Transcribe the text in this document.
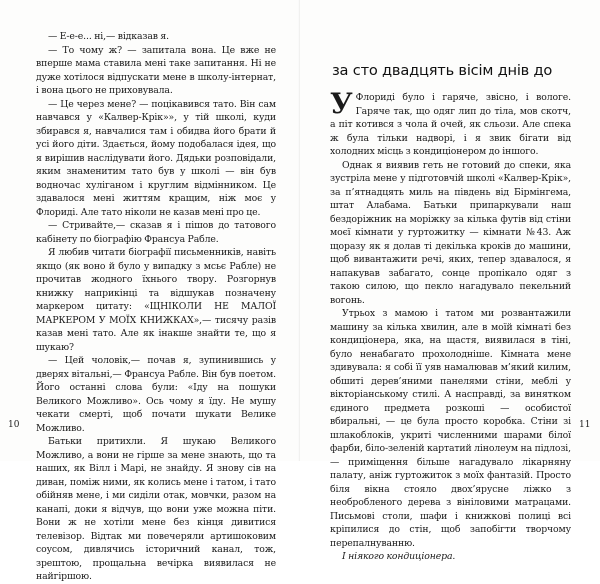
— Е-е-е... ні,— відказав я.

— То чому ж? — запитала вона. Це вже не вперше мама ставила мені таке запитання. Ні не дуже хотілося відпускати мене в школу-інтернат, і вона цього не приховувала.

— Це через мене? — поцікавився тато. Він сам навчався у «Калвер-Крік»», у тій школі, куди збирався я, навчалися там і обидва його брати й усі його діти. Здається, йому подобалася ідея, що я вирішив наслідувати його. Дядьки розповідали, яким знаменитим тато був у школі — він був водночас хуліганом і круглим відмінником. Це здавалося мені життям кращим, ніж моє у Флориді. Але тато ніколи не казав мені про це.

— Стривайте,— сказав я і пішов до татового кабінету по біографію Франсуа Рабле.

Я любив читати біографії письменників, навіть якщо (як воно й було у випадку з мсьє Рабле) не прочитав жодного їхнього твору. Розгорнув книжку наприкінці та відшукав позначену маркером цитату: «ЩНІКОЛИ НЕ МАЛОЇ МАРКЕРОМ У МОЇХ КНИЖКАХ»,— тисячу разів казав мені тато. Але як інакше знайти те, що я шукаю?

— Цей чоловік,— почав я, зупинившись у дверях вітальні,— Франсуа Рабле. Він був поетом. Його останні слова були: «Іду на пошуки Великого Можливо». Ось чому я їду. Не мушу чекати смерті, щоб почати шукати Велике Можливо.

Батьки притихли. Я шукаю Великого Можливо, а вони не гірше за мене знають, що та наших, як Вілл і Марі, не знайду. Я знову сів на диван, поміж ними, як колись мене і татом, і тато обійняв мене, і ми сиділи отак, мовчки, разом на канапі, доки я відчув, що вони уже можна піти. Вони ж не хотіли мене без кінця дивитися телевізор. Відтак ми повечеряли артишоковим соусом, дивлячись історичний канал, тож, зрештою, прощальна вечірка виявилася не найгіршою.

10
за сто двадцять вісім днів до

У Флориді було і гаряче, звісно, і вологе. Гаряче так, що одяг лип до тіла, мов скотч, а піт котився з чола й очей, як сльози. Але спека ж була тільки надворі, і я звик бігати від холодних місць з кондиціонером до іншого.

Однак я виявив геть не готовий до спеки, яка зустріла мене у підготовчій школі «Калвер-Крік», за п’ятнадцять миль на південь від Бірмінгема, штат Алабама. Батьки припаркували наш бездоріжник на моріжку за кілька футів від стіни моєї кімнати у гуртожитку — кімнати №43. Аж щоразу як я долав ті декілька кроків до машини, щоб вивантажити речі, яких, тепер здавалося, я напакував забагато, сонце пропікало одяг з такою силою, що пекло нагадувало пекельний вогонь.

Утрьох з мамою і татом ми розвантажили машину за кілька хвилин, але в моїй кімнаті без кондиціонера, яка, на щастя, виявилася в тіні, було ненабагато прохолодніше. Кімната мене здивувала: я собі її уяв намалював м’який килим, обшиті дерев’яними панелями стіни, меблі у вікторіанському стилі. А насправді, за винятком єдиного предмета розкоші — особистої вбиральні, — це була просто коробка. Стіни зі шлакоблоків, укриті численними шарами білої фарби, біло-зеленій картатий лінолеум на підлозі,— приміщення більше нагадувало лікарняну палату, аніж гуртожиток з моїх фантазій. Просто біля вікна стояло двох’ярусне ліжко з необробленого дерева з вініловими матрацами. Письмові столи, шафи і книжкові полиці всі кріпилися до стін, щоб запобігти творчому перепалнуванню.

І ніякого кондиціонера.

11
